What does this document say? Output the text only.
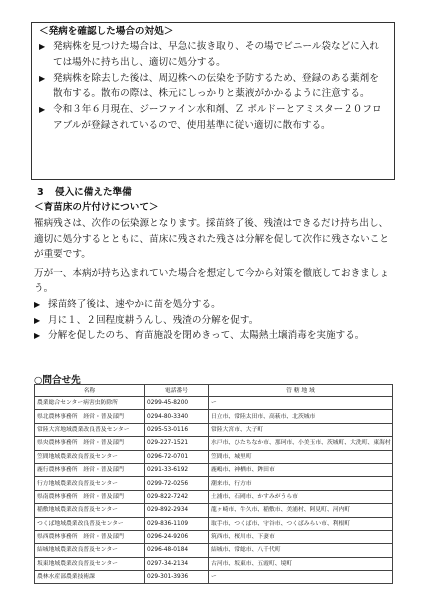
＜発病を確認した場合の対処＞
▶ 発病株を見つけた場合は、早急に抜き取り、その場でビニール袋などに入れては場外に持ち出し、適切に処分する。
▶ 発病株を除去した後は、周辺株への伝染を予防するため、登録のある薬剤を散布する。散布の際は、株元にしっかりと薬液がかかるように注意する。
▶ 令和３年６月現在、ジーファイン水和剤、Ｚ ボルドーとアミスター２０フロアブルが登録されているので、使用基準に従い適切に散布する。
3 侵入に備えた準備
＜育苗床の片付けについて＞
罹病残さは、次作の伝染源となります。採苗終了後、残渣はできるだけ持ち出し、適切に処分するとともに、苗床に残された残さは分解を促して次作に残さないことが重要です。
万が一、本病が持ち込まれていた場合を想定して今から対策を徹底しておきましょう。
▶ 採苗終了後は、速やかに苗を処分する。
▶ 月に１、２回程度耕うんし、残渣の分解を促す。
▶ 分解を促したのち、育苗施設を閉めきって、太陽熱土壌消毒を実施する。
○問合せ先
名称	電話番号	管 轄 地 域
農業総合センター病害虫防除所	0299-45-8200	ー
県北農林事務所　経営・普及部門	0294-80-3340	日立市、常陸太田市、高萩市、北茨城市
常陸大宮地域農業改良普及センター	0295-53-0116	常陸大宮市、大子町
県央農林事務所　経営・普及部門	029-227-1521	水戸市、ひたちなか市、那珂市、小美玉市、茨城町、大洗町、東海村
笠間地域農業改良普及センター	0296-72-0701	笠間市、城里町
鹿行農林事務所　経営・普及部門	0291-33-6192	鹿嶋市、神栖市、鉾田市
行方地域農業改良普及センター	0299-72-0256	潮来市、行方市
県南農林事務所　経営・普及部門	029-822-7242	土浦市、石岡市、かすみがうら市
稲敷地域農業改良普及センター	029-892-2934	龍ヶ崎市、牛久市、稲敷市、美浦村、阿見町、河内町
つくば地域農業改良普及センター	029-836-1109	取手市、つくば市、守谷市、つくばみらい市、利根町
県西農林事務所　経営・普及部門	0296-24-9206	筑西市、桜川市、下妻市
結城地域農業改良普及センター	0296-48-0184	結城市、常総市、八千代町
坂東地域農業改良普及センター	0297-34-2134	古河市、坂東市、五霞町、境町
農林水産部農業技術課	029-301-3936	ー
